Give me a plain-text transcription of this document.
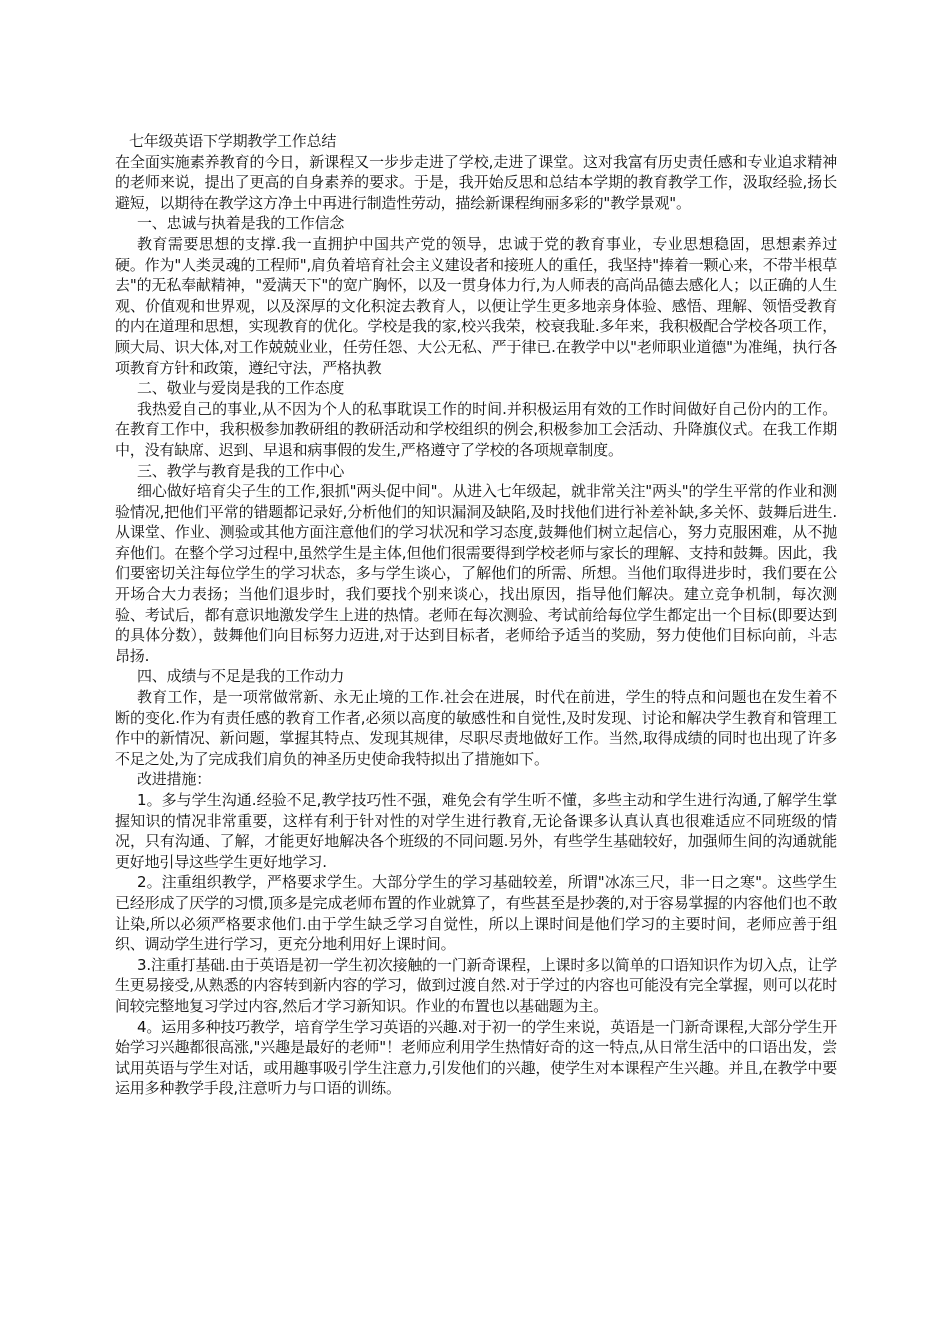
七年级英语下学期教学工作总结

在全面实施素养教育的今日，新课程又一步步走进了学校,走进了课堂。这对我富有历史责任感和专业追求精神的老师来说，提出了更高的自身素养的要求。于是，我开始反思和总结本学期的教育教学工作，汲取经验,扬长避短，以期待在教学这方净土中再进行制造性劳动，描绘新课程绚丽多彩的"教学景观"。

一、忠诚与执着是我的工作信念

教育需要思想的支撑.我一直拥护中国共产党的领导，忠诚于党的教育事业，专业思想稳固，思想素养过硬。作为"人类灵魂的工程师",肩负着培育社会主义建设者和接班人的重任，我坚持"捧着一颗心来，不带半根草去"的无私奉献精神，"爱满天下"的宽广胸怀，以及一贯身体力行,为人师表的高尚品德去感化人；以正确的人生观、价值观和世界观，以及深厚的文化积淀去教育人，以便让学生更多地亲身体验、感悟、理解、领悟受教育的内在道理和思想，实现教育的优化。学校是我的家,校兴我荣，校衰我耻.多年来，我积极配合学校各项工作，顾大局、识大体,对工作兢兢业业，任劳任怨、大公无私、严于律已.在教学中以"老师职业道德"为准绳，执行各项教育方针和政策，遵纪守法，严格执教

二、敬业与爱岗是我的工作态度

我热爱自己的事业,从不因为个人的私事耽误工作的时间.并积极运用有效的工作时间做好自己份内的工作。在教育工作中，我积极参加教研组的教研活动和学校组织的例会,积极参加工会活动、升降旗仪式。在我工作期中，没有缺席、迟到、早退和病事假的发生,严格遵守了学校的各项规章制度。

三、教学与教育是我的工作中心

细心做好培育尖子生的工作,狠抓"两头促中间"。从进入七年级起，就非常关注"两头"的学生平常的作业和测验情况,把他们平常的错题都记录好,分析他们的知识漏洞及缺陷,及时找他们进行补差补缺,多关怀、鼓舞后进生.从课堂、作业、测验或其他方面注意他们的学习状况和学习态度,鼓舞他们树立起信心，努力克服困难，从不抛弃他们。在整个学习过程中,虽然学生是主体,但他们很需要得到学校老师与家长的理解、支持和鼓舞。因此，我们要密切关注每位学生的学习状态，多与学生谈心，了解他们的所需、所想。当他们取得进步时，我们要在公开场合大力表扬；当他们退步时，我们要找个别来谈心，找出原因，指导他们解决。建立竞争机制，每次测验、考试后，都有意识地激发学生上进的热情。老师在每次测验、考试前给每位学生都定出一个目标(即要达到的具体分数），鼓舞他们向目标努力迈进,对于达到目标者，老师给予适当的奖励，努力使他们目标向前，斗志昂扬.

四、成绩与不足是我的工作动力

教育工作，是一项常做常新、永无止境的工作.社会在进展，时代在前进，学生的特点和问题也在发生着不断的变化.作为有责任感的教育工作者,必须以高度的敏感性和自觉性,及时发现、讨论和解决学生教育和管理工作中的新情况、新问题，掌握其特点、发现其规律，尽职尽责地做好工作。当然,取得成绩的同时也出现了许多不足之处,为了完成我们肩负的神圣历史使命我特拟出了措施如下。

改进措施：

1。多与学生沟通.经验不足,教学技巧性不强，难免会有学生听不懂，多些主动和学生进行沟通,了解学生掌握知识的情况非常重要，这样有利于针对性的对学生进行教育,无论备课多认真认真也很难适应不同班级的情况，只有沟通、了解，才能更好地解决各个班级的不同问题.另外，有些学生基础较好，加强师生间的沟通就能更好地引导这些学生更好地学习.

2。注重组织教学，严格要求学生。大部分学生的学习基础较差，所谓"冰冻三尺，非一日之寒"。这些学生已经形成了厌学的习惯,顶多是完成老师布置的作业就算了，有些甚至是抄袭的,对于容易掌握的内容他们也不敢让染,所以必须严格要求他们.由于学生缺乏学习自觉性，所以上课时间是他们学习的主要时间，老师应善于组织、调动学生进行学习，更充分地利用好上课时间。

3.注重打基础.由于英语是初一学生初次接触的一门新奇课程，上课时多以简单的口语知识作为切入点，让学生更易接受,从熟悉的内容转到新内容的学习，做到过渡自然.对于学过的内容也可能没有完全掌握，则可以花时间较完整地复习学过内容,然后才学习新知识。作业的布置也以基础题为主。

4。运用多种技巧教学，培育学生学习英语的兴趣.对于初一的学生来说，英语是一门新奇课程,大部分学生开始学习兴趣都很高涨,"兴趣是最好的老师"！老师应利用学生热情好奇的这一特点,从日常生活中的口语出发，尝试用英语与学生对话，或用趣事吸引学生注意力,引发他们的兴趣，使学生对本课程产生兴趣。并且,在教学中要运用多种教学手段,注意听力与口语的训练。
